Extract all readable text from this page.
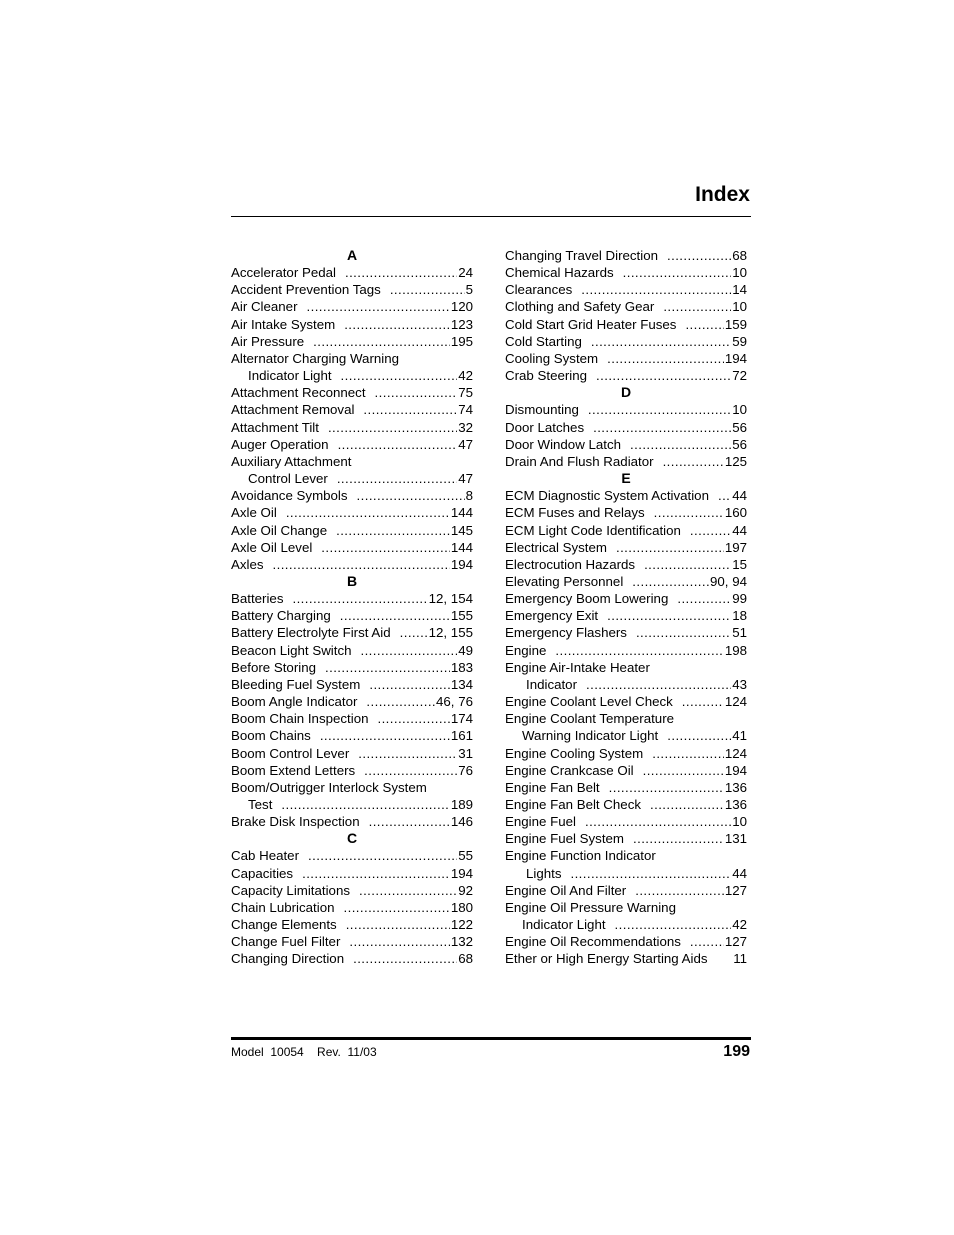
Index
A
Accelerator Pedal .....	24
Accident Prevention Tags .....	5
Air Cleaner .....	120
Air Intake System .....	123
Air Pressure .....	195
Alternator Charging Warning
Indicator Light .....	42
Attachment Reconnect .....	75
Attachment Removal .....	74
Attachment Tilt .....	32
Auger Operation .....	47
Auxiliary Attachment
Control Lever .....	47
Avoidance Symbols .....	8
Axle Oil .....	144
Axle Oil Change .....	145
Axle Oil Level .....	144
Axles .....	194
B
Batteries .....	12, 154
Battery Charging .....	155
Battery Electrolyte First Aid .....	12, 155
Beacon Light Switch .....	49
Before Storing .....	183
Bleeding Fuel System .....	134
Boom Angle Indicator .....	46, 76
Boom Chain Inspection .....	174
Boom Chains .....	161
Boom Control Lever .....	31
Boom Extend Letters .....	76
Boom/Outrigger Interlock System
Test .....	189
Brake Disk Inspection .....	146
C
Cab Heater .....	55
Capacities .....	194
Capacity Limitations .....	92
Chain Lubrication .....	180
Change Elements .....	122
Change Fuel Filter .....	132
Changing Direction .....	68
Changing Travel Direction .....	68
Chemical Hazards .....	10
Clearances .....	14
Clothing and Safety Gear .....	10
Cold Start Grid Heater Fuses .....	159
Cold Starting .....	59
Cooling System .....	194
Crab Steering .....	72
D
Dismounting .....	10
Door Latches .....	56
Door Window Latch .....	56
Drain And Flush Radiator .....	125
E
ECM Diagnostic System Activation ..... 44
ECM Fuses and Relays .....	160
ECM Light Code Identification .....	44
Electrical System .....	197
Electrocution Hazards .....	15
Elevating Personnel .....	90, 94
Emergency Boom Lowering .....	99
Emergency Exit .....	18
Emergency Flashers .....	51
Engine .....	198
Engine Air-Intake Heater
Indicator .....	43
Engine Coolant Level Check .....	124
Engine Coolant Temperature
Warning Indicator Light .....	41
Engine Cooling System .....	124
Engine Crankcase Oil .....	194
Engine Fan Belt .....	136
Engine Fan Belt Check .....	136
Engine Fuel .....	10
Engine Fuel System .....	131
Engine Function Indicator
Lights .....	44
Engine Oil And Filter .....	127
Engine Oil Pressure Warning
Indicator Light .....	42
Engine Oil Recommendations .....	127
Ether or High Energy Starting Aids 11
Model  10054    Rev.  11/03	199
